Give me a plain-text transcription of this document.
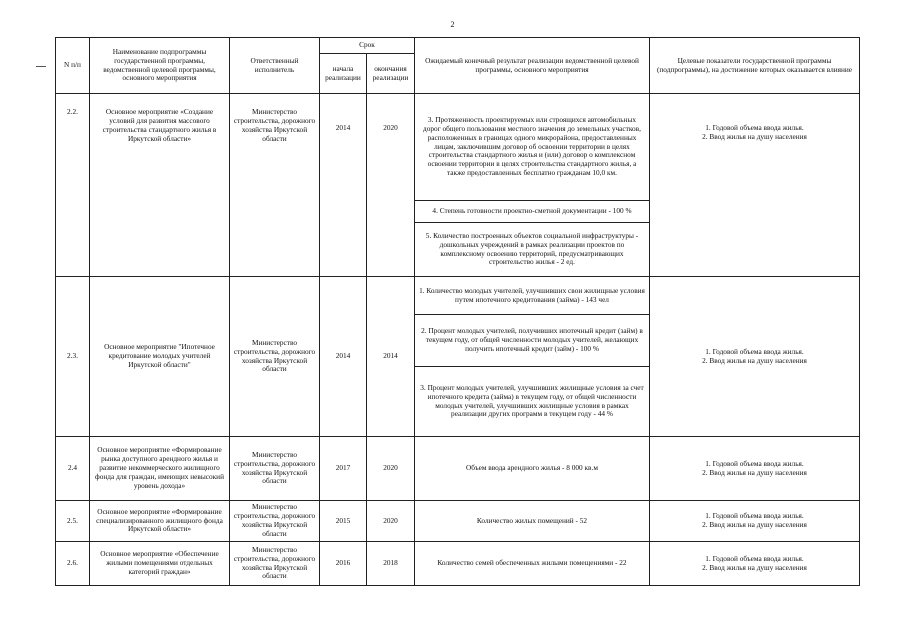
2
N п/п	Наименование подпрограммы государственной программы, ведомственной целевой программы, основного мероприятия	Ответственный исполнитель	Срок		Ожидаемый конечный результат реализации ведомственной целевой программы, основного мероприятия	Целевые показатели государственной программы (подпрограммы), на достижение которых оказывается влияние
			начала реализации	окончания реализации		
2.2.	Основное мероприятие «Создание условий для развития массового строительства стандартного жилья в Иркутской области»	Министерство строительства, дорожного хозяйства Иркутской области	2014	2020	3. Протяженность проектируемых или строящихся автомобильных дорог общего пользования местного значения до земельных участков, расположенных в границах одного микрорайона, предоставленных лицам, заключившим договор об освоении территории в целях строительства стандартного жилья и (или) договор о комплексном освоении территории в целях строительства стандартного жилья, а также предоставленных бесплатно гражданам 10,0 км.	1. Годовой объема ввода жилья.
2. Ввод жилья на душу населения

					4. Степень готовности проектно-сметной документации - 100 %	
					5. Количество построенных объектов социальной инфраструктуры - дошкольных учреждений в рамках реализации проектов по комплексному освоению территорий, предусматривающих строительство жилья - 2 ед.	
2.3.	Основное мероприятие "Ипотечное кредитование молодых учителей Иркутской области"	Министерство строительства, дорожного хозяйства Иркутской области	2014	2014	1. Количество молодых учителей, улучшивших свои жилищные условия путем ипотечного кредитования (займа) - 143 чел	1. Годовой объема ввода жилья.
2. Ввод жилья на душу населения

					2. Процент молодых учителей, получивших ипотечный кредит (займ) в текущем году, от общей численности молодых учителей, желающих получить ипотечный кредит (займ) - 100 %	
					3. Процент молодых учителей, улучшивших жилищные условия за счет ипотечного кредита (займа) в текущем году, от общей численности молодых учителей, улучшивших жилищные условия в рамках реализации других программ в текущем году - 44 %	
2.4	Основное мероприятие «Формирование рынка доступного арендного жилья и развитие некоммерческого жилищного фонда для граждан, имеющих невысокий уровень дохода»	Министерство строительства, дорожного хозяйства Иркутской области	2017	2020	Объем ввода арендного жилья - 8 000 кв.м	1. Годовой объема ввода жилья.
2. Ввод жилья на душу населения

2.5.	Основное мероприятие «Формирование специализированного жилищного фонда Иркутской области»	Министерство строительства, дорожного хозяйства Иркутской области	2015	2020	Количество жилых помещений - 52	1. Годовой объема ввода жилья.
2. Ввод жилья на душу населения

2.6.	Основное мероприятие «Обеспечение жилыми помещениями отдельных категорий граждан»	Министерство строительства, дорожного хозяйства Иркутской области	2016	2018	Количество семей обеспеченных жилыми помещениями - 22	1. Годовой объема ввода жилья.
2. Ввод жилья на душу населения
